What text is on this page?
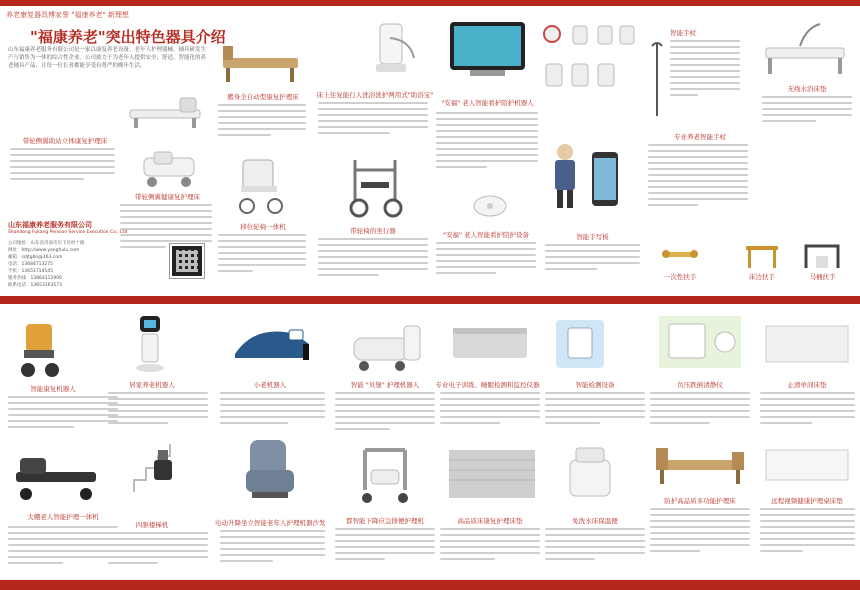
养老康复器具博家誉 "福康养老" 新理想
"福康养老"突出特色器具介绍
山东福康养老服务有限公司是一家以康复养老设备、老年人护理器械、辅具研发生产与销售为一体的综合性企业。公司致力于为老年人提供安全、舒适、智能化的养老辅具产品，让每一位长者都能享受有尊严的晚年生活。
带轮侧翼助站立体康复护理床
带轮侧翼健康复护理床
山东福康养老服务有限公司
Shandong Fukang Pension Service Execution Co., Ltd
公司地址：山东省济南市历下区经十路
网址：http://www.yanghulu.com
邮箱：sdjtgbn@163.com
电话：13684713275
手机：13651714545
服务热线：13864112906
联系电话：13653163573
搬身全自动型康复护理床
移位轮椅一体机
床上往复能行人洗浴洗护两用式"助浴宝"
带轮椅的坐行器
"安福" 老人智能看护陪护机器人
"安福" 老人智能看护陪护设备	智能手写板
智能手杖
专业养老智能手杖
一次性扶手	床边扶手	马桶扶手
无线水浴床垫
智能康复机器人
大棚老人智能护理一体机
居家养老机器人
四驱楼梯机
小老机器人
电动升降坐立智能老年人护理机器沙发
智能 "贝堡" 护理机器人
都智能下降应急排便护理机
专业电子训练、睡眠检测和监控仪器
高品质床康复护理床垫
智能检测设备
免洗水床保温便
负压跌倒清静仪
防护高品质多功能护理床
止滑单间床垫
远程视频健康护理桌床垫
